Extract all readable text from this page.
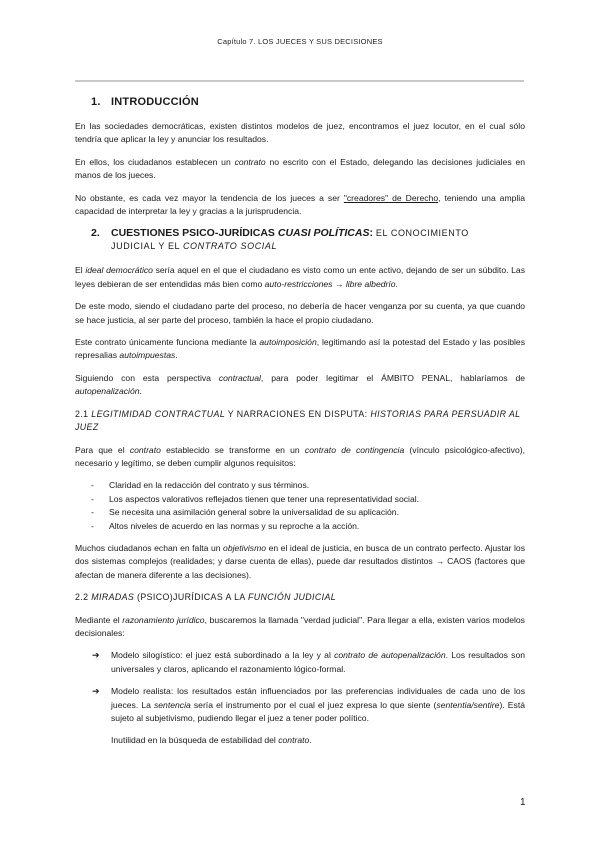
Capítulo 7. LOS JUECES Y SUS DECISIONES
1. INTRODUCCIÓN

En las sociedades democráticas, existen distintos modelos de juez, encontramos el juez locutor, en el cual sólo tendría que aplicar la ley y anunciar los resultados.

En ellos, los ciudadanos establecen un contrato no escrito con el Estado, delegando las decisiones judiciales en manos de los jueces.

No obstante, es cada vez mayor la tendencia de los jueces a ser "creadores" de Derecho, teniendo una amplia capacidad de interpretar la ley y gracias a la jurisprudencia.

2. CUESTIONES PSICO-JURÍDICAS CUASI POLÍTICAS: EL CONOCIMIENTO
JUDICIAL Y EL CONTRATO SOCIAL

El ideal democrático sería aquel en el que el ciudadano es visto como un ente activo, dejando de ser un súbdito. Las leyes debieran de ser entendidas más bien como auto-restricciones → libre albedrío.

De este modo, siendo el ciudadano parte del proceso, no debería de hacer venganza por su cuenta, ya que cuando se hace justicia, al ser parte del proceso, también la hace el propio ciudadano.

Este contrato únicamente funciona mediante la autoimposición, legitimando así la potestad del Estado y las posibles represalias autoimpuestas.

Siguiendo con esta perspectiva contractual, para poder legitimar el ÁMBITO PENAL, hablaríamos de autopenalización.

2.1 LEGITIMIDAD CONTRACTUAL Y NARRACIONES EN DISPUTA: HISTORIAS PARA PERSUADIR AL JUEZ

Para que el contrato establecido se transforme en un contrato de contingencia (vínculo psicológico-afectivo), necesario y legítimo, se deben cumplir algunos requisitos:

- Claridad en la redacción del contrato y sus términos.
- Los aspectos valorativos reflejados tienen que tener una representatividad social.
- Se necesita una asimilación general sobre la universalidad de su aplicación.
- Altos niveles de acuerdo en las normas y su reproche a la acción.

Muchos ciudadanos echan en falta un objetivismo en el ideal de justicia, en busca de un contrato perfecto. Ajustar los dos sistemas complejos (realidades; y darse cuenta de ellas), puede dar resultados distintos → CAOS (factores que afectan de manera diferente a las decisiones).

2.2 MIRADAS (PSICO)JURÍDICAS A LA FUNCIÓN JUDICIAL

Mediante el razonamiento jurídico, buscaremos la llamada "verdad judicial". Para llegar a ella, existen varios modelos decisionales:

➔ Modelo silogístico: el juez está subordinado a la ley y al contrato de autopenalización. Los resultados son universales y claros, aplicando el razonamiento lógico-formal.
➔ Modelo realista: los resultados están influenciados por las preferencias individuales de cada uno de los jueces. La sentencia sería el instrumento por el cual el juez expresa lo que siente (sententia/sentire). Está sujeto al subjetivismo, pudiendo llegar el juez a tener poder político.

Inutilidad en la búsqueda de estabilidad del contrato.

1
